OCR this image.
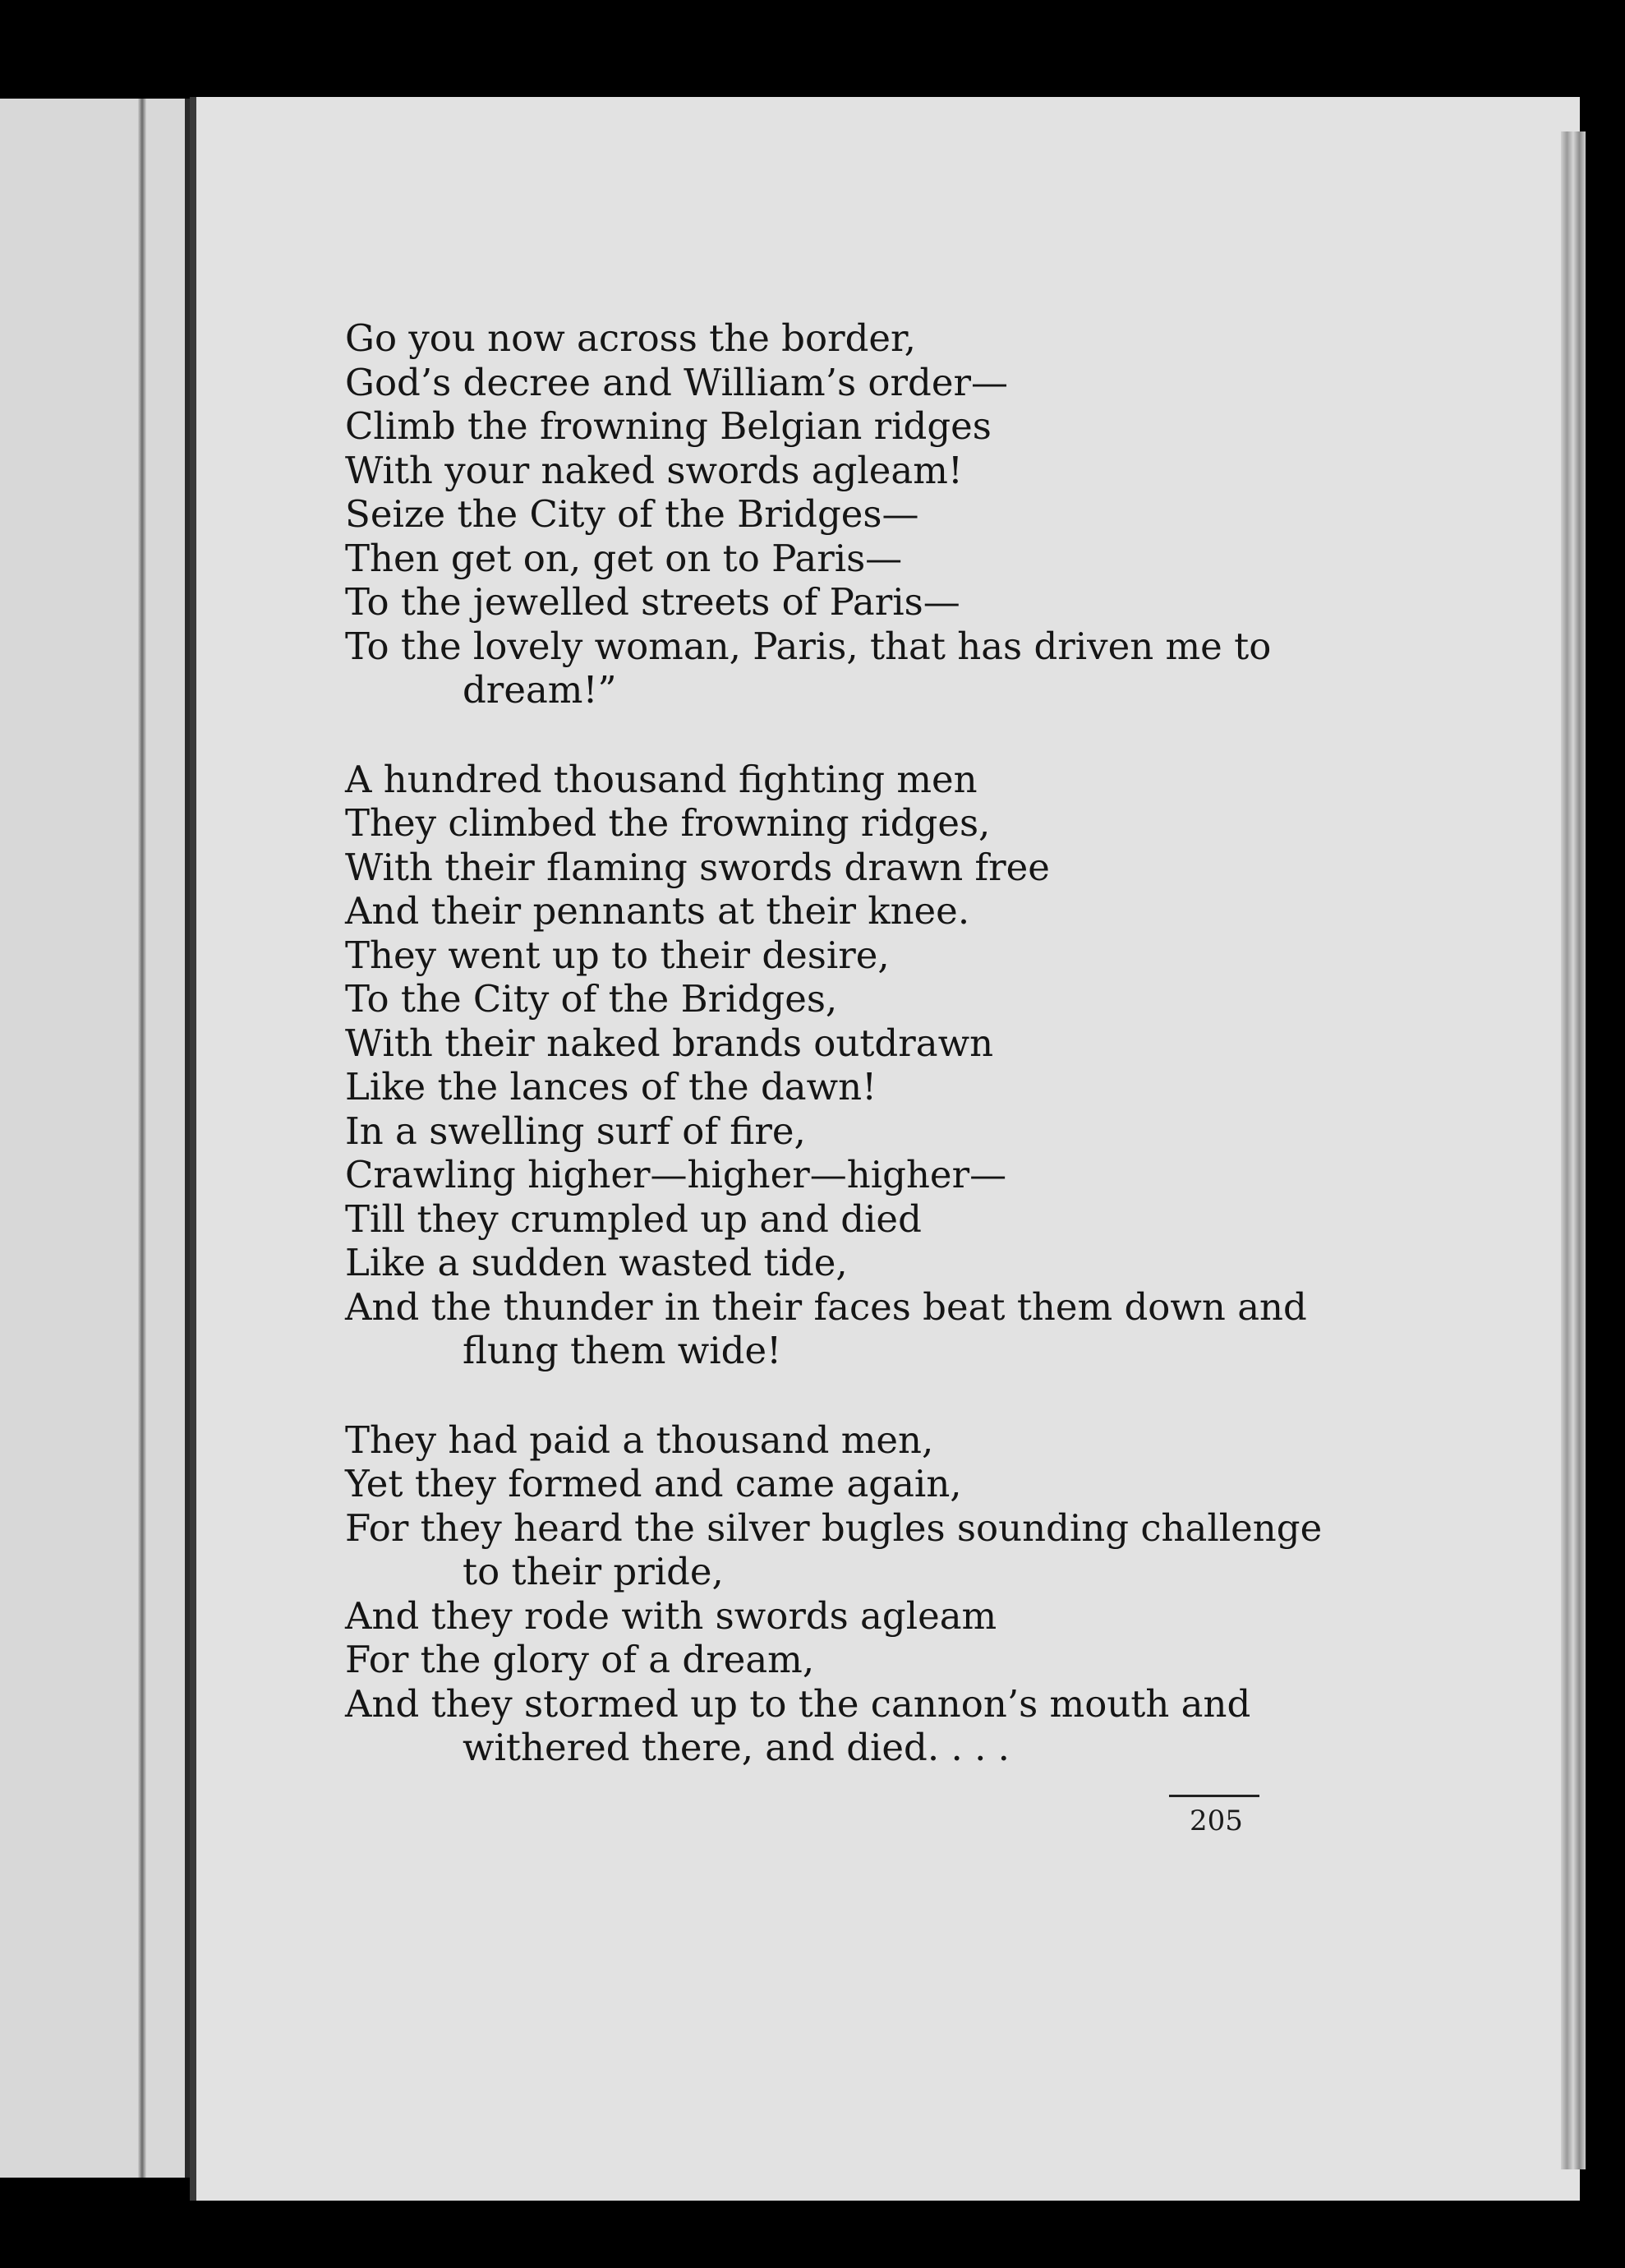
Go you now across the border,
God’s decree and William’s order—
Climb the frowning Belgian ridges
With your naked swords agleam!
Seize the City of the Bridges—
Then get on, get on to Paris—
To the jewelled streets of Paris—
To the lovely woman, Paris, that has driven me to
dream!”
A hundred thousand fighting men
They climbed the frowning ridges,
With their flaming swords drawn free
And their pennants at their knee.
They went up to their desire,
To the City of the Bridges,
With their naked brands outdrawn
Like the lances of the dawn!
In a swelling surf of fire,
Crawling higher—higher—higher—
Till they crumpled up and died
Like a sudden wasted tide,
And the thunder in their faces beat them down and
flung them wide!
They had paid a thousand men,
Yet they formed and came again,
For they heard the silver bugles sounding challenge
to their pride,
And they rode with swords agleam
For the glory of a dream,
And they stormed up to the cannon’s mouth and
withered there, and died. . . .
205
